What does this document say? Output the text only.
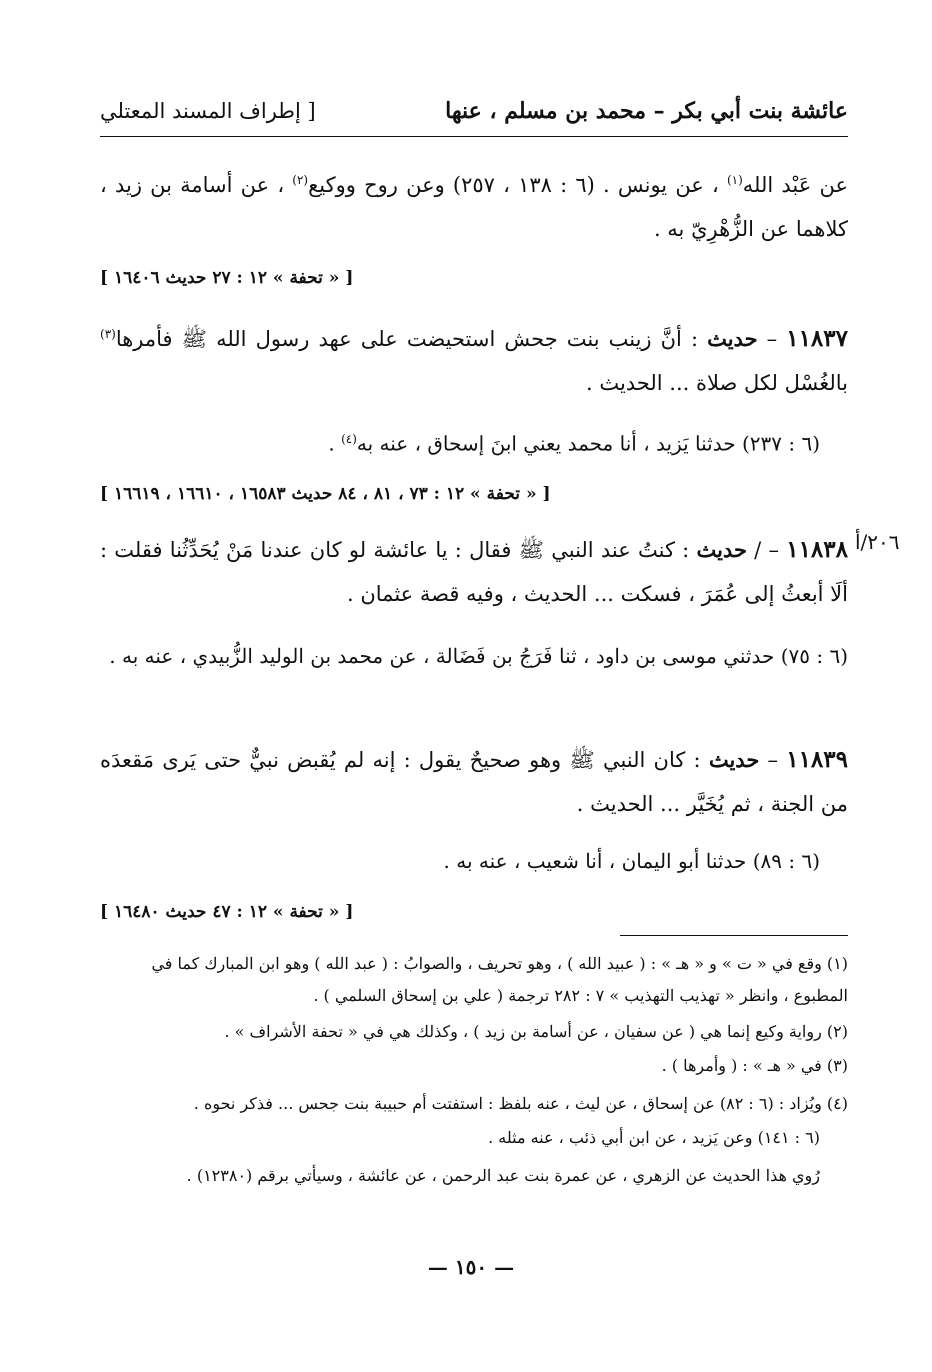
عائشة بنت أبي بكر – محمد بن مسلم ، عنها
[ إطراف المسند المعتلي
عن عَبْد الله$^{(١)}$ ، عن يونس . (٦ : ١٣٨ ، ٢٥٧) وعن روح ووكيع$^{(٢)}$ ، عن أسامة بن زيد ، كلاهما عن الزُّهْرِيّ به .
[ « تحفة » ١٢ : ٢٧ حديث ١٦٤٠٦ ]
١١٨٣٧ – حديث : أنَّ زينب بنت جحش استحيضت على عهد رسول الله ﷺ فأمرها$^{(٣)}$ بالغُسْل لكل صلاة ... الحديث .
(٦ : ٢٣٧) حدثنا يَزيد ، أنا محمد يعني ابنَ إسحاق ، عنه به$^{(٤)}$ .
[ « تحفة » ١٢ : ٧٣ ، ٨١ ، ٨٤ حديث ١٦٥٨٣ ، ١٦٦١٠ ، ١٦٦١٩ ]
٢٠٦/أ
١١٨٣٨ – / حديث : كنتُ عند النبي ﷺ فقال : يا عائشة لو كان عندنا مَنْ يُحَدِّثُنا فقلت : ألَا أبعثُ إلى عُمَرَ ، فسكت ... الحديث ، وفيه قصة عثمان .
(٦ : ٧٥) حدثني موسى بن داود ، ثنا فَرَجُ بن فَضَالة ، عن محمد بن الوليد الزُّبيدي ، عنه به .
١١٨٣٩ – حديث : كان النبي ﷺ وهو صحيحٌ يقول : إنه لم يُقبض نبيٌّ حتى يَرى مَقعدَه من الجنة ، ثم يُخَيَّر ... الحديث .
(٦ : ٨٩) حدثنا أبو اليمان ، أنا شعيب ، عنه به .
[ « تحفة » ١٢ : ٤٧ حديث ١٦٤٨٠ ]
(١) وقع في « ت » و « هـ » : ( عبيد الله ) ، وهو تحريف ، والصوابُ : ( عبد الله ) وهو ابن المبارك كما في المطبوع ، وانظر « تهذيب التهذيب » ٧ : ٢٨٢ ترجمة ( علي بن إسحاق السلمي ) .
(٢) رواية وكيع إنما هي ( عن سفيان ، عن أسامة بن زيد ) ، وكذلك هي في « تحفة الأشراف » .
(٣) في « هـ » : ( وأمرها ) .
(٤) ويُزاد : (٦ : ٨٢) عن إسحاق ، عن ليث ، عنه بلفظ : استفتت أم حبيبة بنت جحس ... فذكر نحوه .
(٦ : ١٤١) وعن يَزيد ، عن ابن أبي ذئب ، عنه مثله .
رُوي هذا الحديث عن الزهري ، عن عمرة بنت عبد الرحمن ، عن عائشة ، وسيأتي برقم (١٢٣٨٠) .
— ١٥٠ —
